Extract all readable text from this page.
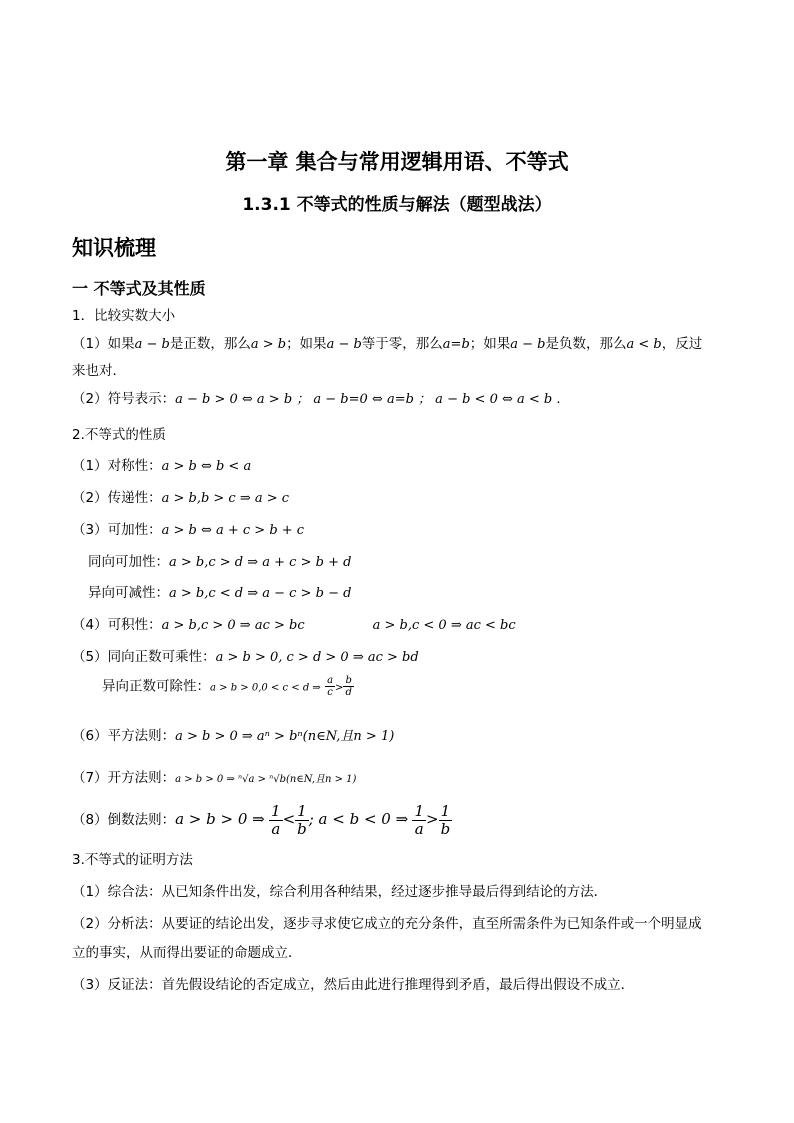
第一章 集合与常用逻辑用语、不等式
1.3.1 不等式的性质与解法（题型战法）
知识梳理
一 不等式及其性质
1．比较实数大小
（1）如果a − b是正数，那么a > b；如果a − b等于零，那么a=b；如果a − b是负数，那么a < b，反过
来也对．
（2）符号表示：a − b > 0 ⇔ a > b ； a − b=0 ⇔ a=b ； a − b < 0 ⇔ a < b .
2.不等式的性质
（1）对称性：a > b ⇔ b < a
（2）传递性：a > b,b > c ⇒ a > c
（3）可加性：a > b ⇔ a + c > b + c
同向可加性：a > b,c > d ⇒ a + c > b + d
异向可减性：a > b,c < d ⇒ a − c > b − d
（4）可积性：a > b,c > 0 ⇒ ac > bc	a > b,c < 0 ⇒ ac < bc
（5）同向正数可乘性：a > b > 0, c > d > 0 ⇒ ac > bd
异向正数可除性：a > b > 0,0 < c < d ⇒ $\frac{a}{c} > \frac{b}{d}$
（6）平方法则：a > b > 0 ⇒ aⁿ > bⁿ(n∈N,且n > 1)
（7）开方法则：a > b > 0 ⇒ ⁿ√a > ⁿ√b(n∈N,且n > 1)
（8）倒数法则：a > b > 0 ⇒ $\frac{1}{a} < \frac{1}{b}$ ; a < b < 0 ⇒ $\frac{1}{a} > \frac{1}{b}$
3.不等式的证明方法
（1）综合法：从已知条件出发，综合利用各种结果，经过逐步推导最后得到结论的方法．
（2）分析法：从要证的结论出发，逐步寻求使它成立的充分条件，直至所需条件为已知条件或一个明显成
立的事实，从而得出要证的命题成立．
（3）反证法：首先假设结论的否定成立，然后由此进行推理得到矛盾，最后得出假设不成立．
